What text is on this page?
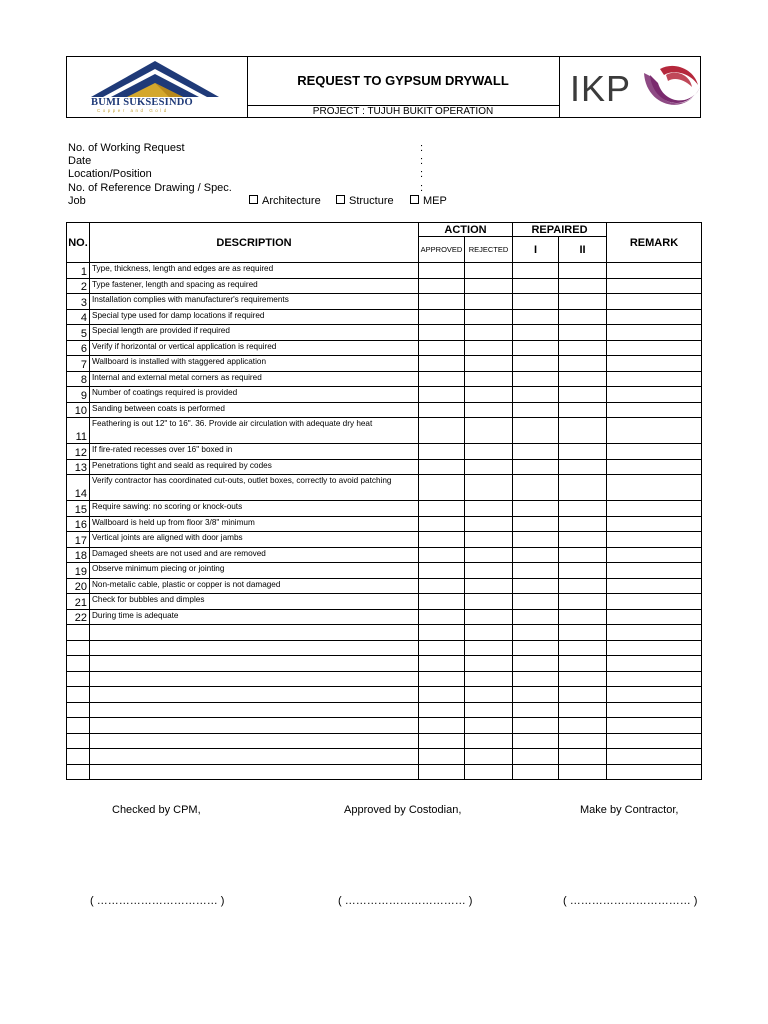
BUMI SUKSESINDO
Copper and Gold
REQUEST TO GYPSUM DRYWALL
PROJECT : TUJUH BUKIT OPERATION
IKP
No. of Working Request	:
Date	:
Location/Position	:
No. of Reference Drawing / Spec.	:
Job	Architecture	Structure	MEP
NO.	DESCRIPTION	ACTION		REPAIRED		REMARK
		APPROVED	REJECTED	I	II	
1	Type, thickness, length and edges are as required					
2	Type fastener, length and spacing as required					
3	Installation complies with manufacturer's requirements					
4	Special type used for damp locations if required					
5	Special length are provided if required					
6	Verify if horizontal or vertical application is required					
7	Wallboard is installed with staggered application					
8	Internal and external metal corners as required					
9	Number of coatings required is provided					
10	Sanding between coats is performed					
11	Feathering is out 12" to 16". 36. Provide air circulation with adequate dry heat					
12	If fire-rated recesses over 16" boxed in					
13	Penetrations tight and seald as required by codes					
14	Verify contractor has coordinated cut-outs, outlet boxes, correctly to avoid patching					
15	Require sawing: no scoring or knock-outs					
16	Wallboard is held up from floor 3/8" minimum					
17	Vertical joints are aligned with door jambs					
18	Damaged sheets are not used and are removed					
19	Observe minimum piecing or jointing					
20	Non-metalic cable, plastic or copper is not damaged					
21	Check for bubbles and dimples					
22	During time is adequate					

Checked by CPM,	Approved by Costodian,	Make by Contractor,
( …………………………… )	( …………………………… )	( …………………………… )
